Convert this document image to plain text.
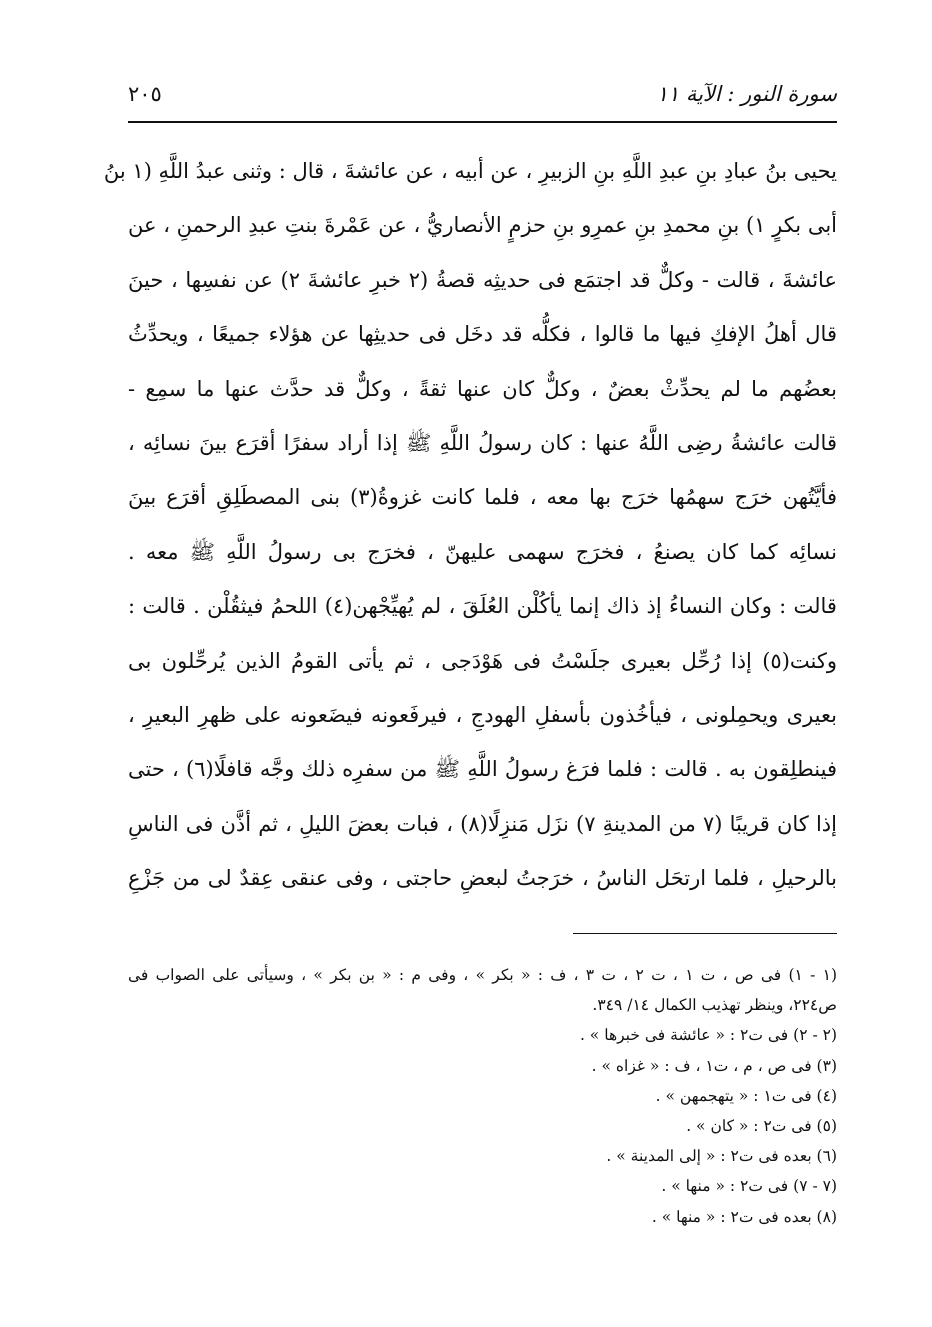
سورة النور : الآية ١١
٢٠٥
يحيى بنُ عبادِ بنِ عبدِ اللَّهِ بنِ الزبيرِ ، عن أبيه ، عن عائشةَ ، قال : وثنى عبدُ اللَّهِ (١ بنُ
أبى بكرٍ ١) بنِ محمدِ بنِ عمرِو بنِ حزمٍ الأنصاريُّ ، عن عَمْرةَ بنتِ عبدِ الرحمنِ ، عن
عائشةَ ، قالت - وكلٌّ قد اجتمَع فى حديثِه قصةُ (٢ خبرِ عائشةَ ٢) عن نفسِها ، حينَ
قال أهلُ الإفكِ فيها ما قالوا ، فكلُّه قد دخَل فى حديثِها عن هؤلاء جميعًا ، ويحدِّثُ
بعضُهم ما لم يحدِّثْ بعضٌ ، وكلٌّ كان عنها ثقةً ، وكلٌّ قد حدَّث عنها ما سمِع -
قالت عائشةُ رضِى اللَّهُ عنها : كان رسولُ اللَّهِ ﷺ إذا أراد سفرًا أقرَع بينَ نسائِه ،
فأيَّتُهن خرَج سهمُها خرَج بها معه ، فلما كانت غزوةُ(٣) بنى المصطَلِقِ أقرَع بينَ
نسائِه كما كان يصنعُ ، فخرَج سهمى عليهنّ ، فخرَج بى رسولُ اللَّهِ ﷺ معه .
قالت : وكان النساءُ إذ ذاك إنما يأكُلْن العُلَقَ ، لم يُهيِّجْهن(٤) اللحمُ فيثقُلْن . قالت :
وكنت(٥) إذا رُحِّل بعيرى جلَسْتُ فى هَوْدَجى ، ثم يأتى القومُ الذين يُرحِّلون بى
بعيرى ويحمِلونى ، فيأخُذون بأسفلِ الهودجِ ، فيرفَعونه فيضَعونه على ظهرِ البعيرِ ،
فينطلِقون به . قالت : فلما فرَغ رسولُ اللَّهِ ﷺ من سفرِه ذلك وجَّه قافلًا(٦) ، حتى
إذا كان قريبًا (٧ من المدينةِ ٧) نزَل مَنزِلًا(٨) ، فبات بعضَ الليلِ ، ثم أذَّن فى الناسِ
بالرحيلِ ، فلما ارتحَل الناسُ ، خرَجتُ لبعضِ حاجتى ، وفى عنقى عِقدٌ لى من جَزْعِ
(١ - ١) فى ص ، ت ١ ، ت ٢ ، ت ٣ ، ف : « بكر » ، وفى م : « بن بكر » ، وسيأتى على الصواب فى
ص٢٢٤، وينظر تهذيب الكمال ١٤/ ٣٤٩.
(٢ - ٢) فى ت٢ : « عائشة فى خبرها » .
(٣) فى ص ، م ، ت١ ، ف : « غزاه » .
(٤) فى ت١ : « يتهجمهن » .
(٥) فى ت٢ : « كان » .
(٦) بعده فى ت٢ : « إلى المدينة » .
(٧ - ٧) فى ت٢ : « منها » .
(٨) بعده فى ت٢ : « منها » .
